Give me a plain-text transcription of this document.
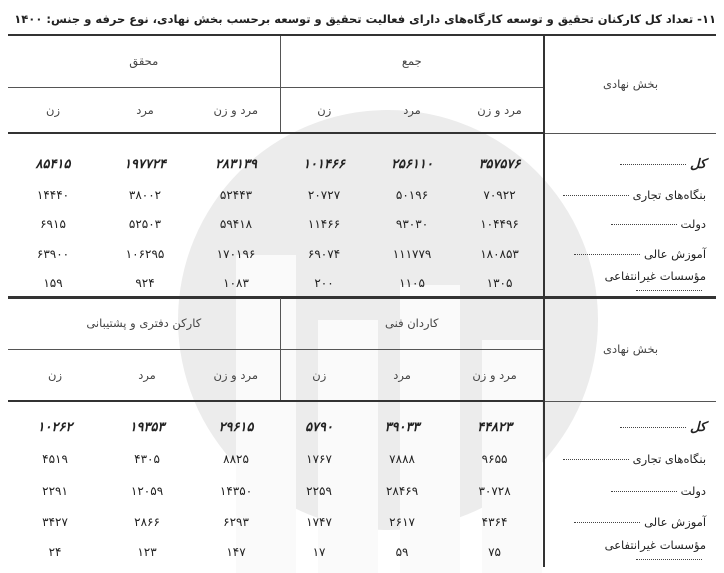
۱۱- تعداد کل کارکنان تحقیق و توسعه کارگاه‌های دارای فعالیت تحقیق و توسعه برحسب بخش نهادی، نوع حرفه و جنس: ۱۴۰۰
بخش نهادی	جمع			محقق		
	مرد و زن	مرد	زن	مرد و زن	مرد	زن

کل	۳۵۷۵۷۶	۲۵۶۱۱۰	۱۰۱۴۶۶	۲۸۳۱۳۹	۱۹۷۷۲۴	۸۵۴۱۵
بنگاه‌های تجاری	۷۰۹۲۲	۵۰۱۹۶	۲۰۷۲۷	۵۲۴۴۳	۳۸۰۰۲	۱۴۴۴۰
دولت	۱۰۴۴۹۶	۹۳۰۳۰	۱۱۴۶۶	۵۹۴۱۸	۵۲۵۰۳	۶۹۱۵
آموزش عالی	۱۸۰۸۵۳	۱۱۱۷۷۹	۶۹۰۷۴	۱۷۰۱۹۶	۱۰۶۲۹۵	۶۳۹۰۰
مؤسسات غیرانتفاعی	۱۳۰۵	۱۱۰۵	۲۰۰	۱۰۸۳	۹۲۴	۱۵۹
بخش نهادی	کاردان فنی			کارکن دفتری و پشتیبانی		
	مرد و زن	مرد	زن	مرد و زن	مرد	زن

کل	۴۴۸۲۳	۳۹۰۳۳	۵۷۹۰	۲۹۶۱۵	۱۹۳۵۳	۱۰۲۶۲
بنگاه‌های تجاری	۹۶۵۵	۷۸۸۸	۱۷۶۷	۸۸۲۵	۴۳۰۵	۴۵۱۹
دولت	۳۰۷۲۸	۲۸۴۶۹	۲۲۵۹	۱۴۳۵۰	۱۲۰۵۹	۲۲۹۱
آموزش عالی	۴۳۶۴	۲۶۱۷	۱۷۴۷	۶۲۹۳	۲۸۶۶	۳۴۲۷
مؤسسات غیرانتفاعی	۷۵	۵۹	۱۷	۱۴۷	۱۲۳	۲۴
